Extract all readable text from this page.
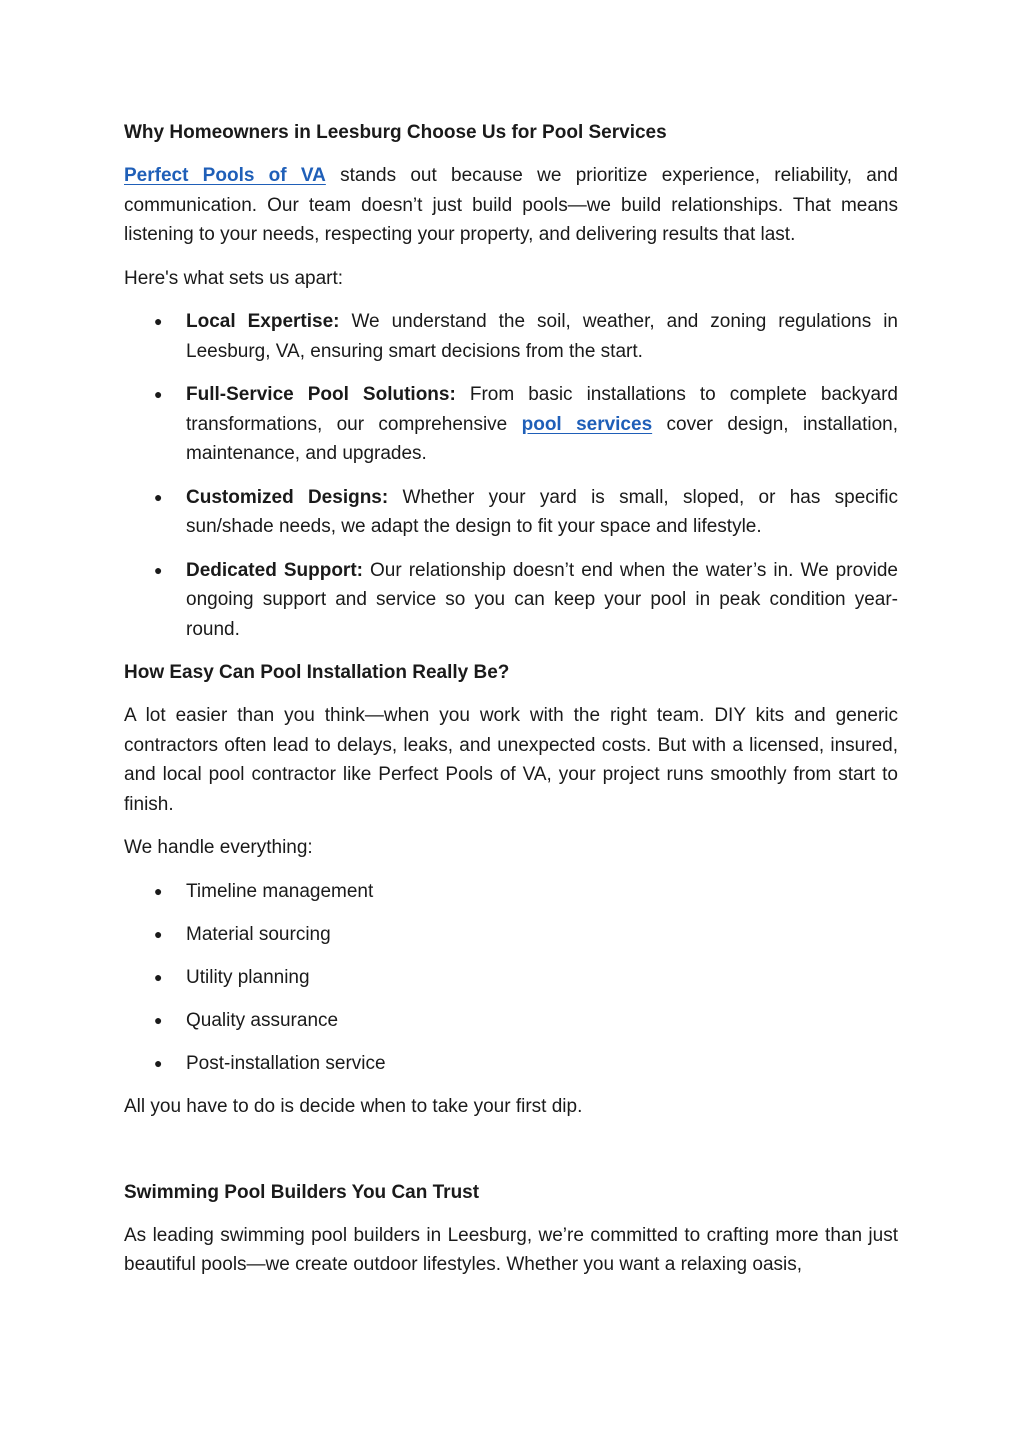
Why Homeowners in Leesburg Choose Us for Pool Services

Perfect Pools of VA stands out because we prioritize experience, reliability, and communication. Our team doesn’t just build pools—we build relationships. That means listening to your needs, respecting your property, and delivering results that last.

Here's what sets us apart:

● Local Expertise: We understand the soil, weather, and zoning regulations in Leesburg, VA, ensuring smart decisions from the start.
● Full-Service Pool Solutions: From basic installations to complete backyard transformations, our comprehensive pool services cover design, installation, maintenance, and upgrades.
● Customized Designs: Whether your yard is small, sloped, or has specific sun/shade needs, we adapt the design to fit your space and lifestyle.
● Dedicated Support: Our relationship doesn’t end when the water’s in. We provide ongoing support and service so you can keep your pool in peak condition year-round.
How Easy Can Pool Installation Really Be?

A lot easier than you think—when you work with the right team. DIY kits and generic contractors often lead to delays, leaks, and unexpected costs. But with a licensed, insured, and local pool contractor like Perfect Pools of VA, your project runs smoothly from start to finish.

We handle everything:

● Timeline management
● Material sourcing
● Utility planning
● Quality assurance
● Post-installation service

All you have to do is decide when to take your first dip.

Swimming Pool Builders You Can Trust

As leading swimming pool builders in Leesburg, we’re committed to crafting more than just beautiful pools—we create outdoor lifestyles. Whether you want a relaxing oasis,
